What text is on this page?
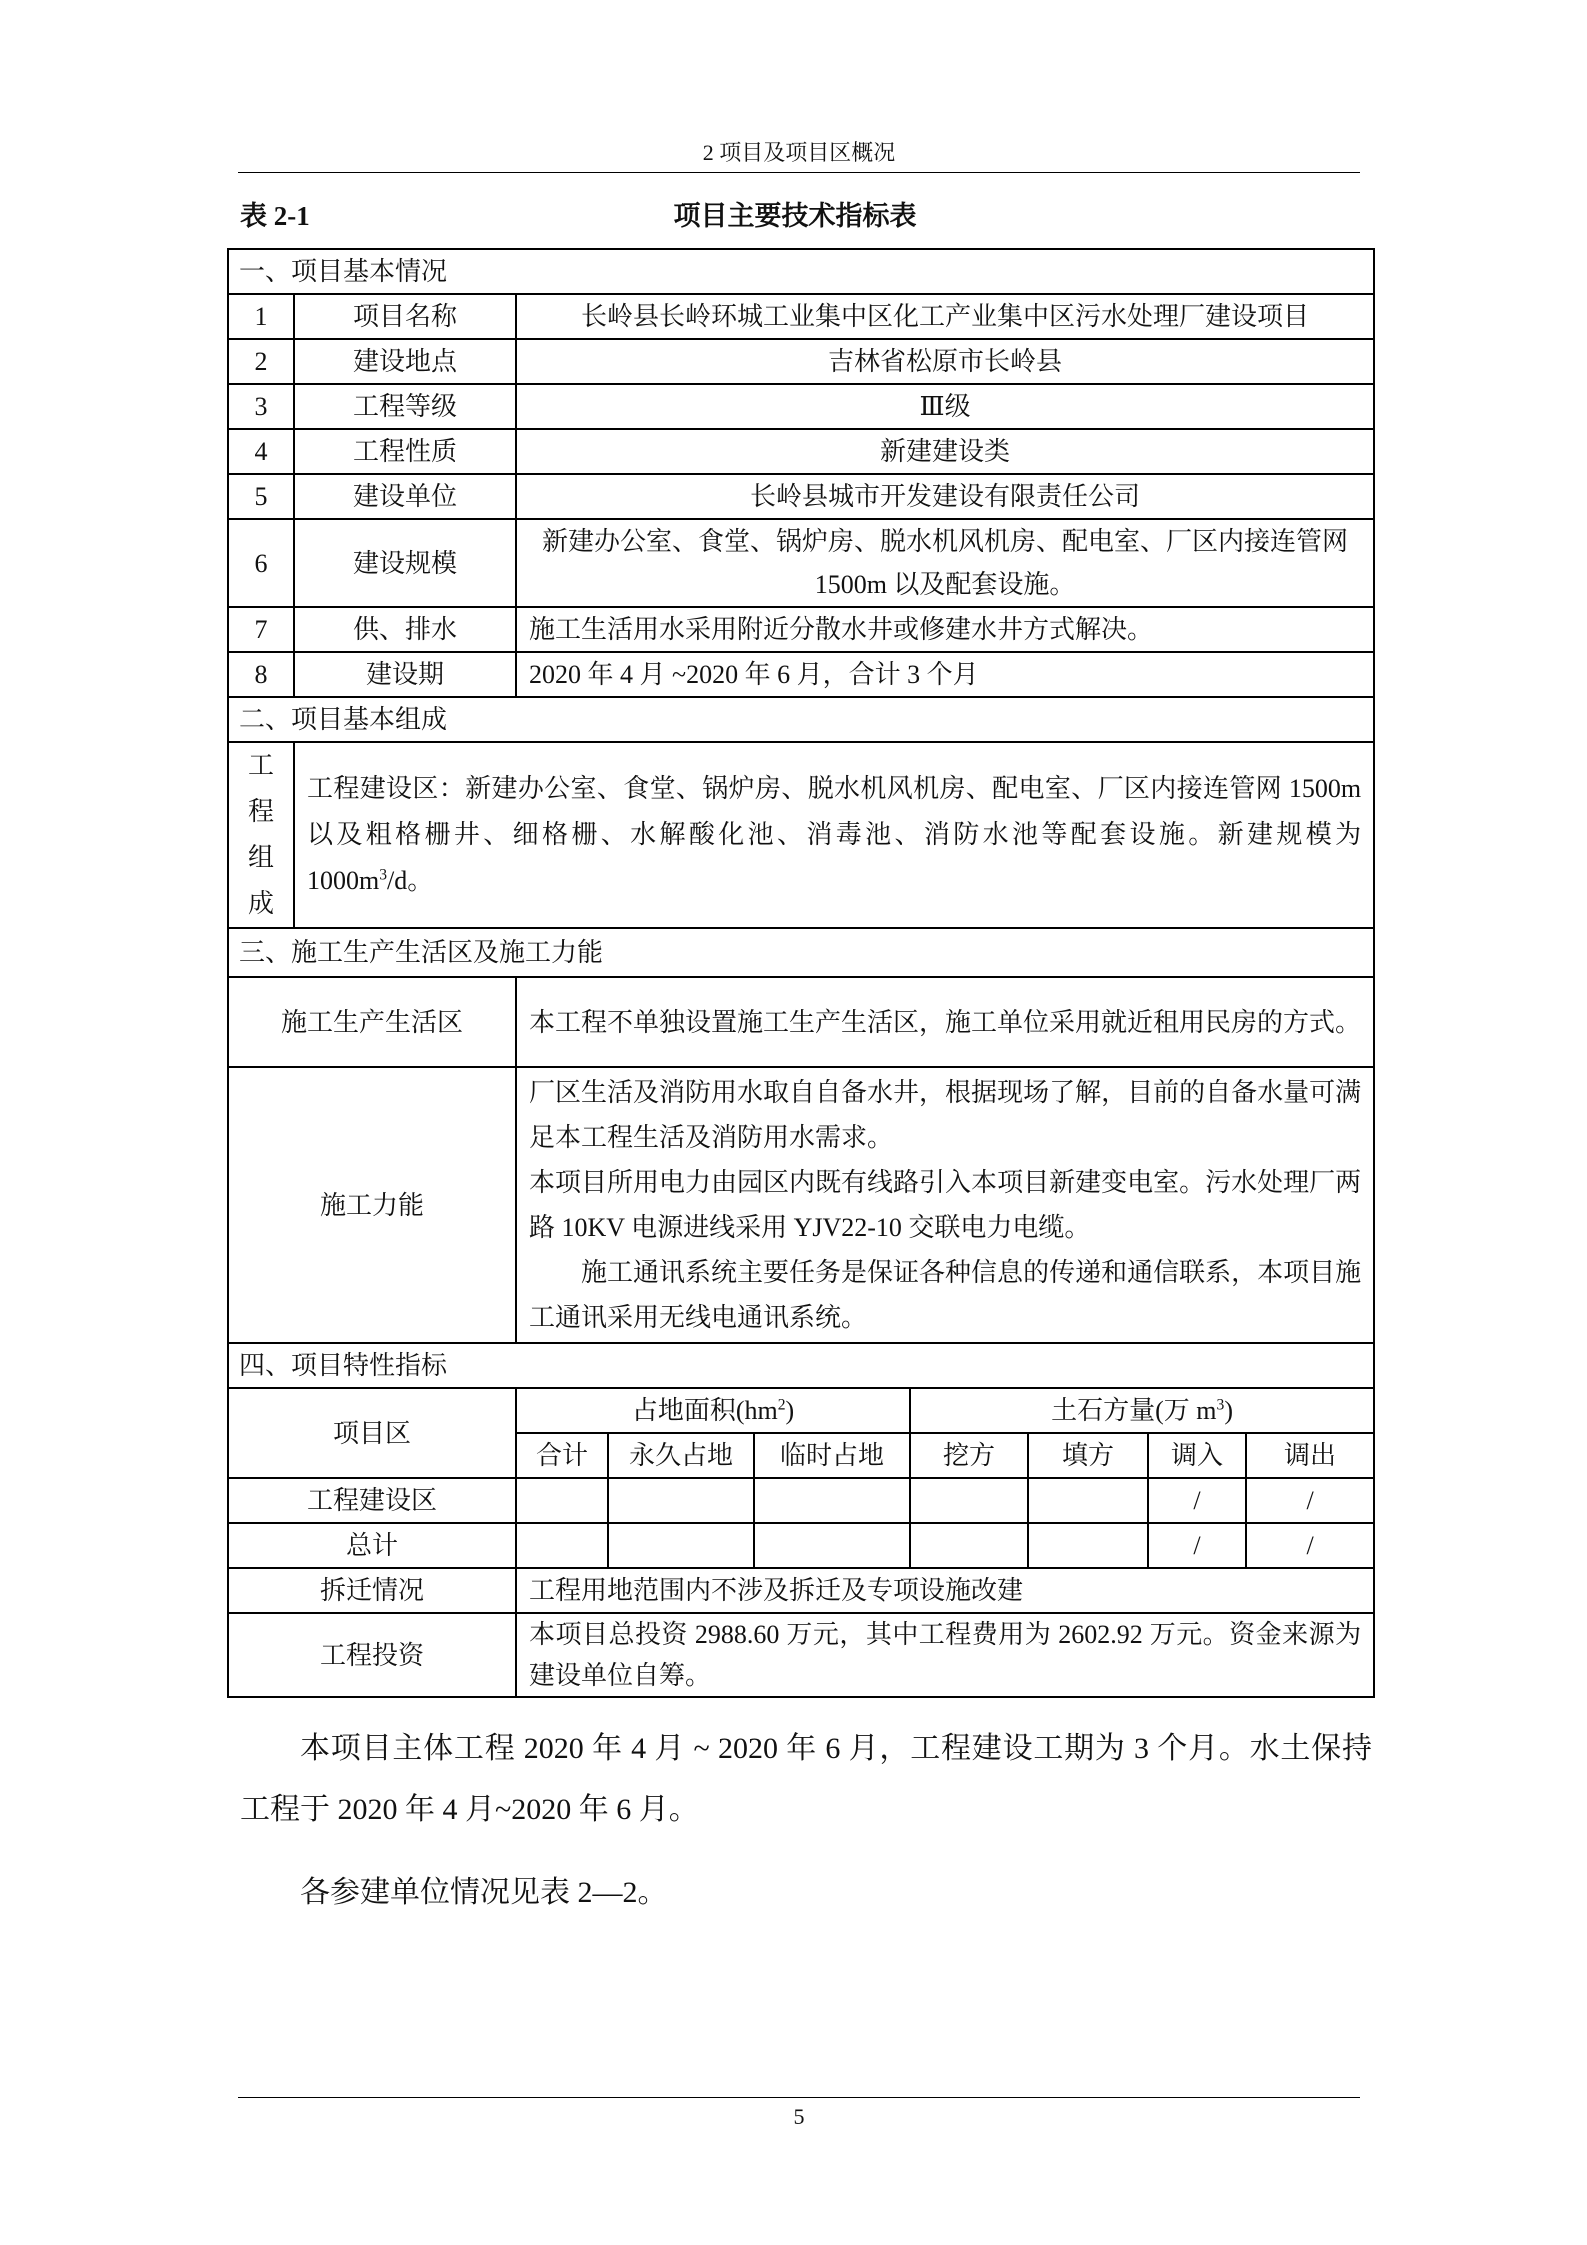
2 项目及项目区概况
表 2-1	项目主要技术指标表
一、项目基本情况								
1	项目名称	长岭县长岭环城工业集中区化工产业集中区污水处理厂建设项目						
2	建设地点	吉林省松原市长岭县						
3	工程等级	Ⅲ级						
4	工程性质	新建建设类						
5	建设单位	长岭县城市开发建设有限责任公司						
6	建设规模	新建办公室、食堂、锅炉房、脱水机风机房、配电室、厂区内接连管网 1500m 以及配套设施。						
7	供、排水	施工生活用水采用附近分散水井或修建水井方式解决。						
8	建设期	2020 年 4 月 ~2020 年 6 月，合计 3 个月						
二、项目基本组成								
工程组成	工程建设区：新建办公室、食堂、锅炉房、脱水机风机房、配电室、厂区内接连管网 1500m 以及粗格栅井、细格栅、水解酸化池、消毒池、消防水池等配套设施。新建规模为 $1000m^3/d$。							
三、施工生产生活区及施工力能								
施工生产生活区		本工程不单独设置施工生产生活区，施工单位采用就近租用民房的方式。						
施工力能		厂区生活及消防用水取自自备水井，根据现场了解，目前的自备水量可满足本工程生活及消防用水需求。
本项目所用电力由园区内既有线路引入本项目新建变电室。污水处理厂两路 10KV 电源进线采用 YJV22-10 交联电力电缆。
施工通讯系统主要任务是保证各种信息的传递和通信联系，本项目施工通讯采用无线电通讯系统。						

四、项目特性指标								
项目区		占地面积$(hm^2)$			土石方量(万 $m^3$)			
		合计	永久占地	临时占地	挖方	填方	调入	调出
工程建设区							/	/
总计							/	/
拆迁情况		工程用地范围内不涉及拆迁及专项设施改建						
工程投资		本项目总投资 2988.60 万元，其中工程费用为 2602.92 万元。资金来源为建设单位自筹。						
本项目主体工程 2020 年 4 月 ~ 2020 年 6 月，工程建设工期为 3 个月。水土保持工程于 2020 年 4 月~2020 年 6 月。
各参建单位情况见表 2—2。
5
